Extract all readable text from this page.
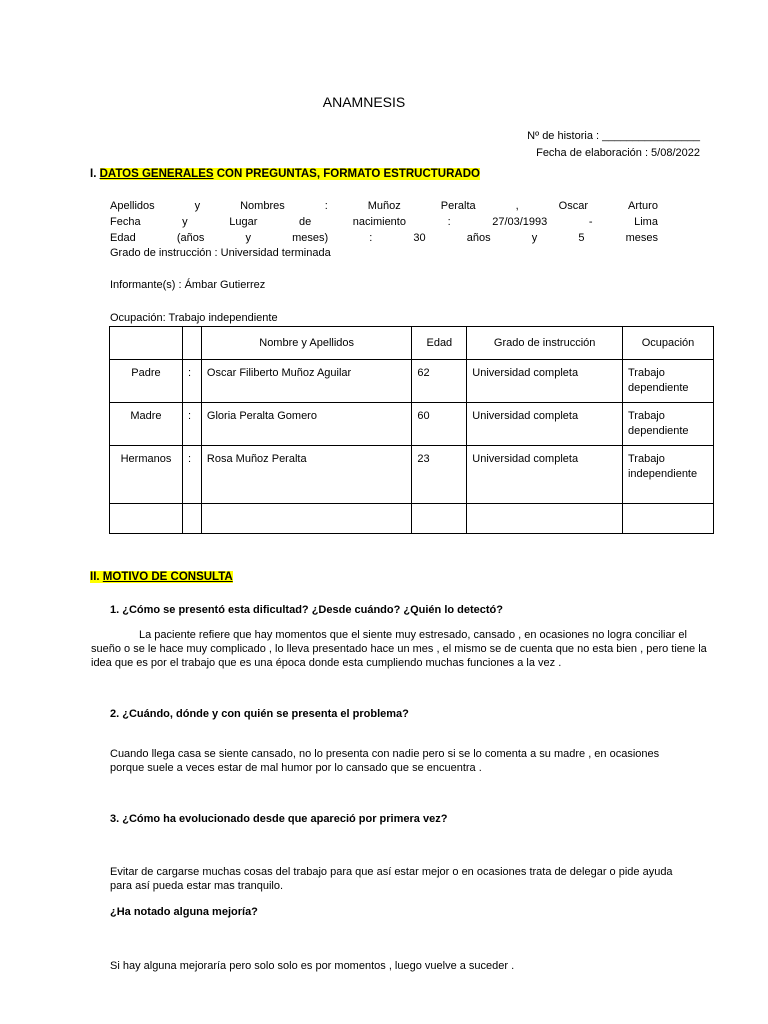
ANAMNESIS
Nº de historia : ________________
Fecha de elaboración : 5/08/2022
I. DATOS GENERALES CON PREGUNTAS, FORMATO ESTRUCTURADO
Apellidos	y	Nombres	:	Muñoz	Peralta	,	Oscar	Arturo
Fecha	y	Lugar	de	nacimiento	:	27/03/1993	-	Lima
Edad	(años	y	meses)	:	30	años	y	5	meses
Grado de instrucción : Universidad terminada
Informante(s) : Ámbar Gutierrez
Ocupación: Trabajo independiente
		Nombre y Apellidos	Edad	Grado de instrucción	Ocupación
Padre	:	Oscar Filiberto Muñoz Aguilar	62	Universidad completa	Trabajo dependiente
Madre	:	Gloria Peralta Gomero	60	Universidad completa	Trabajo dependiente
Hermanos	:	Rosa Muñoz Peralta	23	Universidad completa	Trabajo independiente

II. MOTIVO DE CONSULTA
1. ¿Cómo se presentó esta dificultad? ¿Desde cuándo? ¿Quién lo detectó?
La paciente refiere que hay momentos que el siente muy estresado, cansado , en ocasiones no logra conciliar el sueño o se le hace muy complicado , lo lleva presentado hace un mes , el mismo se de cuenta que no esta bien , pero tiene la idea que es por el trabajo que es una época donde esta cumpliendo muchas funciones a la vez .
2. ¿Cuándo, dónde y con quién se presenta el problema?
Cuando llega casa se siente cansado, no lo presenta con nadie pero si se lo comenta a su madre , en ocasiones porque suele a veces estar de mal humor por lo cansado que se encuentra .
3. ¿Cómo ha evolucionado desde que apareció por primera vez?
Evitar de cargarse muchas cosas del trabajo para que así estar mejor o en ocasiones trata de delegar o pide ayuda para así pueda estar mas tranquilo.
¿Ha notado alguna mejoría?
Si hay alguna mejoraría pero solo solo es por momentos , luego vuelve a suceder .
